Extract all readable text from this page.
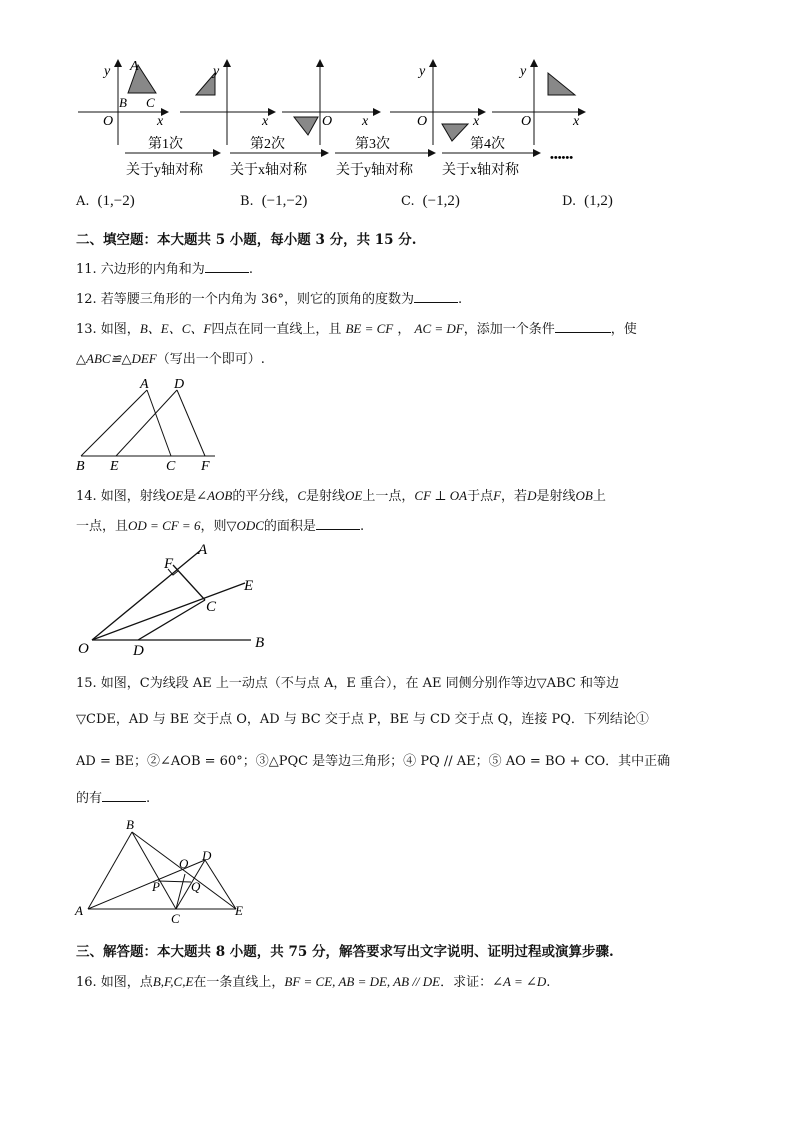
y A
B C
O	x
y
x	O x
y
O	x
y
O	x
第1次	第2次	第3次	第4次
关于y轴对称 关于x轴对称 关于y轴对称 关于x轴对称
••••••
A. (1,−2)	B. (−1,−2)	C. (−1,2)	D. (1,2)
二、填空题：本大题共 5 小题，每小题 3 分，共 15 分.
11. 六边形的内角和为	.
12. 若等腰三角形的一个内角为 36°，则它的顶角的度数为	.
13. 如图，B、E、C、F四点在同一直线上，且 BE = CF ， AC = DF，添加一个条件	，使
△ABC≌△DEF（写出一个即可）.
A D
B E	C F
14. 如图，射线OE是∠AOB的平分线，C是射线OE上一点，CF ⊥ OA于点F，若D是射线OB上
一点，且OD = CF = 6，则▽ODC的面积是	.
F
A
E
C
O	D	B
15. 如图，C为线段 AE 上一动点（不与点 A，E 重合），在 AE 同侧分别作等边▽ABC 和等边
▽CDE，AD 与 BE 交于点 O，AD 与 BC 交于点 P，BE 与 CD 交于点 Q，连接 PQ．下列结论①
AD = BE；②∠AOB = 60°；③△PQC 是等边三角形；④ PQ // AE；⑤ AO = BO + CO．其中正确
的有	.
B
O
D
P Q
A
C
E
三、解答题：本大题共 8 小题，共 75 分，解答要求写出文字说明、证明过程或演算步骤.
16. 如图，点B,F,C,E在一条直线上，BF = CE, AB = DE, AB // DE．求证：∠A = ∠D.
